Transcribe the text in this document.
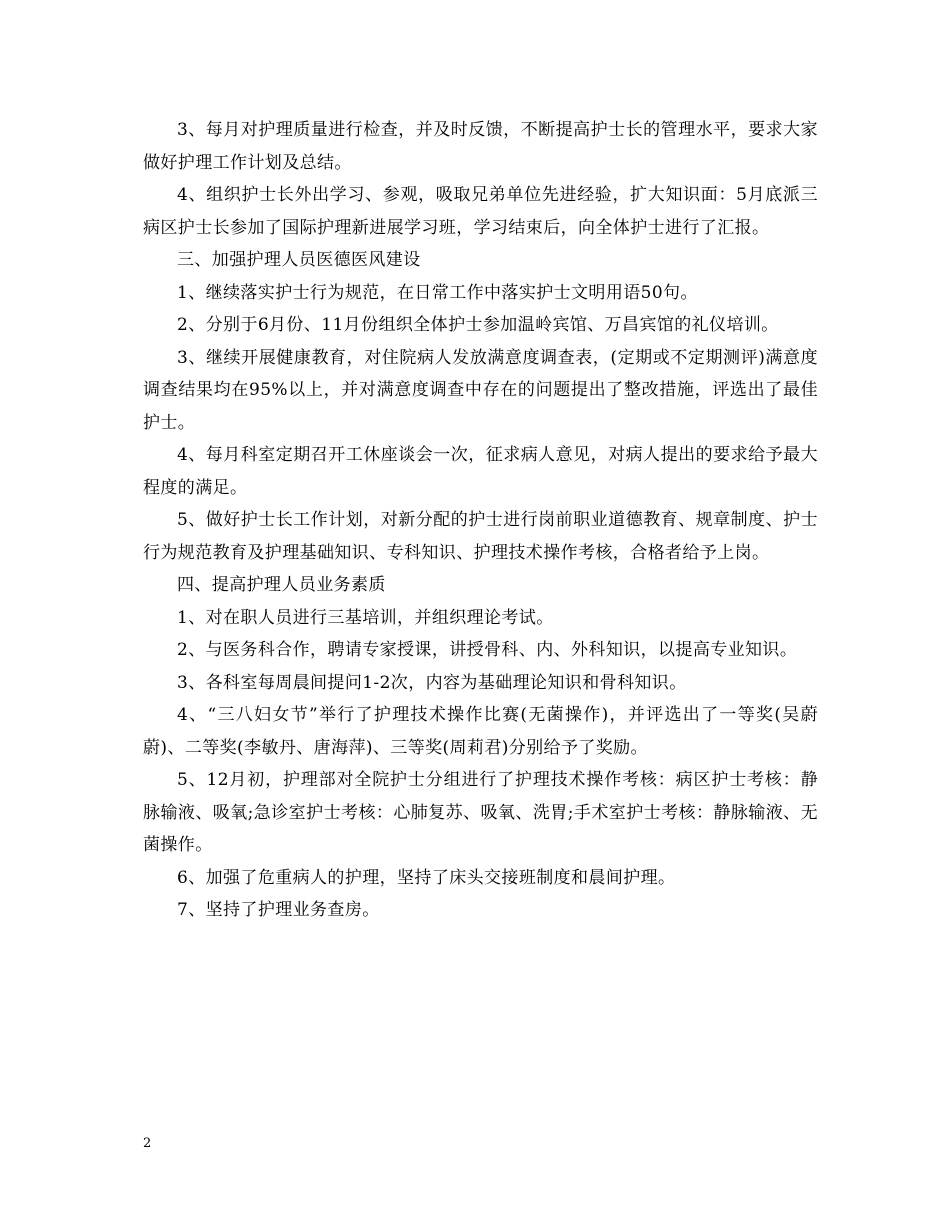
3、每月对护理质量进行检查，并及时反馈，不断提高护士长的管理水平，要求大家做好护理工作计划及总结。

4、组织护士长外出学习、参观，吸取兄弟单位先进经验，扩大知识面：5月底派三病区护士长参加了国际护理新进展学习班，学习结束后，向全体护士进行了汇报。

三、加强护理人员医德医风建设

1、继续落实护士行为规范，在日常工作中落实护士文明用语50句。

2、分别于6月份、11月份组织全体护士参加温岭宾馆、万昌宾馆的礼仪培训。

3、继续开展健康教育，对住院病人发放满意度调查表，(定期或不定期测评)满意度调查结果均在95%以上，并对满意度调查中存在的问题提出了整改措施，评选出了最佳护士。

4、每月科室定期召开工休座谈会一次，征求病人意见，对病人提出的要求给予最大程度的满足。

5、做好护士长工作计划，对新分配的护士进行岗前职业道德教育、规章制度、护士行为规范教育及护理基础知识、专科知识、护理技术操作考核，合格者给予上岗。

四、提高护理人员业务素质

1、对在职人员进行三基培训，并组织理论考试。

2、与医务科合作，聘请专家授课，讲授骨科、内、外科知识，以提高专业知识。

3、各科室每周晨间提问1-2次，内容为基础理论知识和骨科知识。

4、“三八妇女节”举行了护理技术操作比赛(无菌操作)，并评选出了一等奖(吴蔚蔚)、二等奖(李敏丹、唐海萍)、三等奖(周莉君)分别给予了奖励。

5、12月初，护理部对全院护士分组进行了护理技术操作考核：病区护士考核：静脉输液、吸氧;急诊室护士考核：心肺复苏、吸氧、洗胃;手术室护士考核：静脉输液、无菌操作。

6、加强了危重病人的护理，坚持了床头交接班制度和晨间护理。

7、坚持了护理业务查房。

2
